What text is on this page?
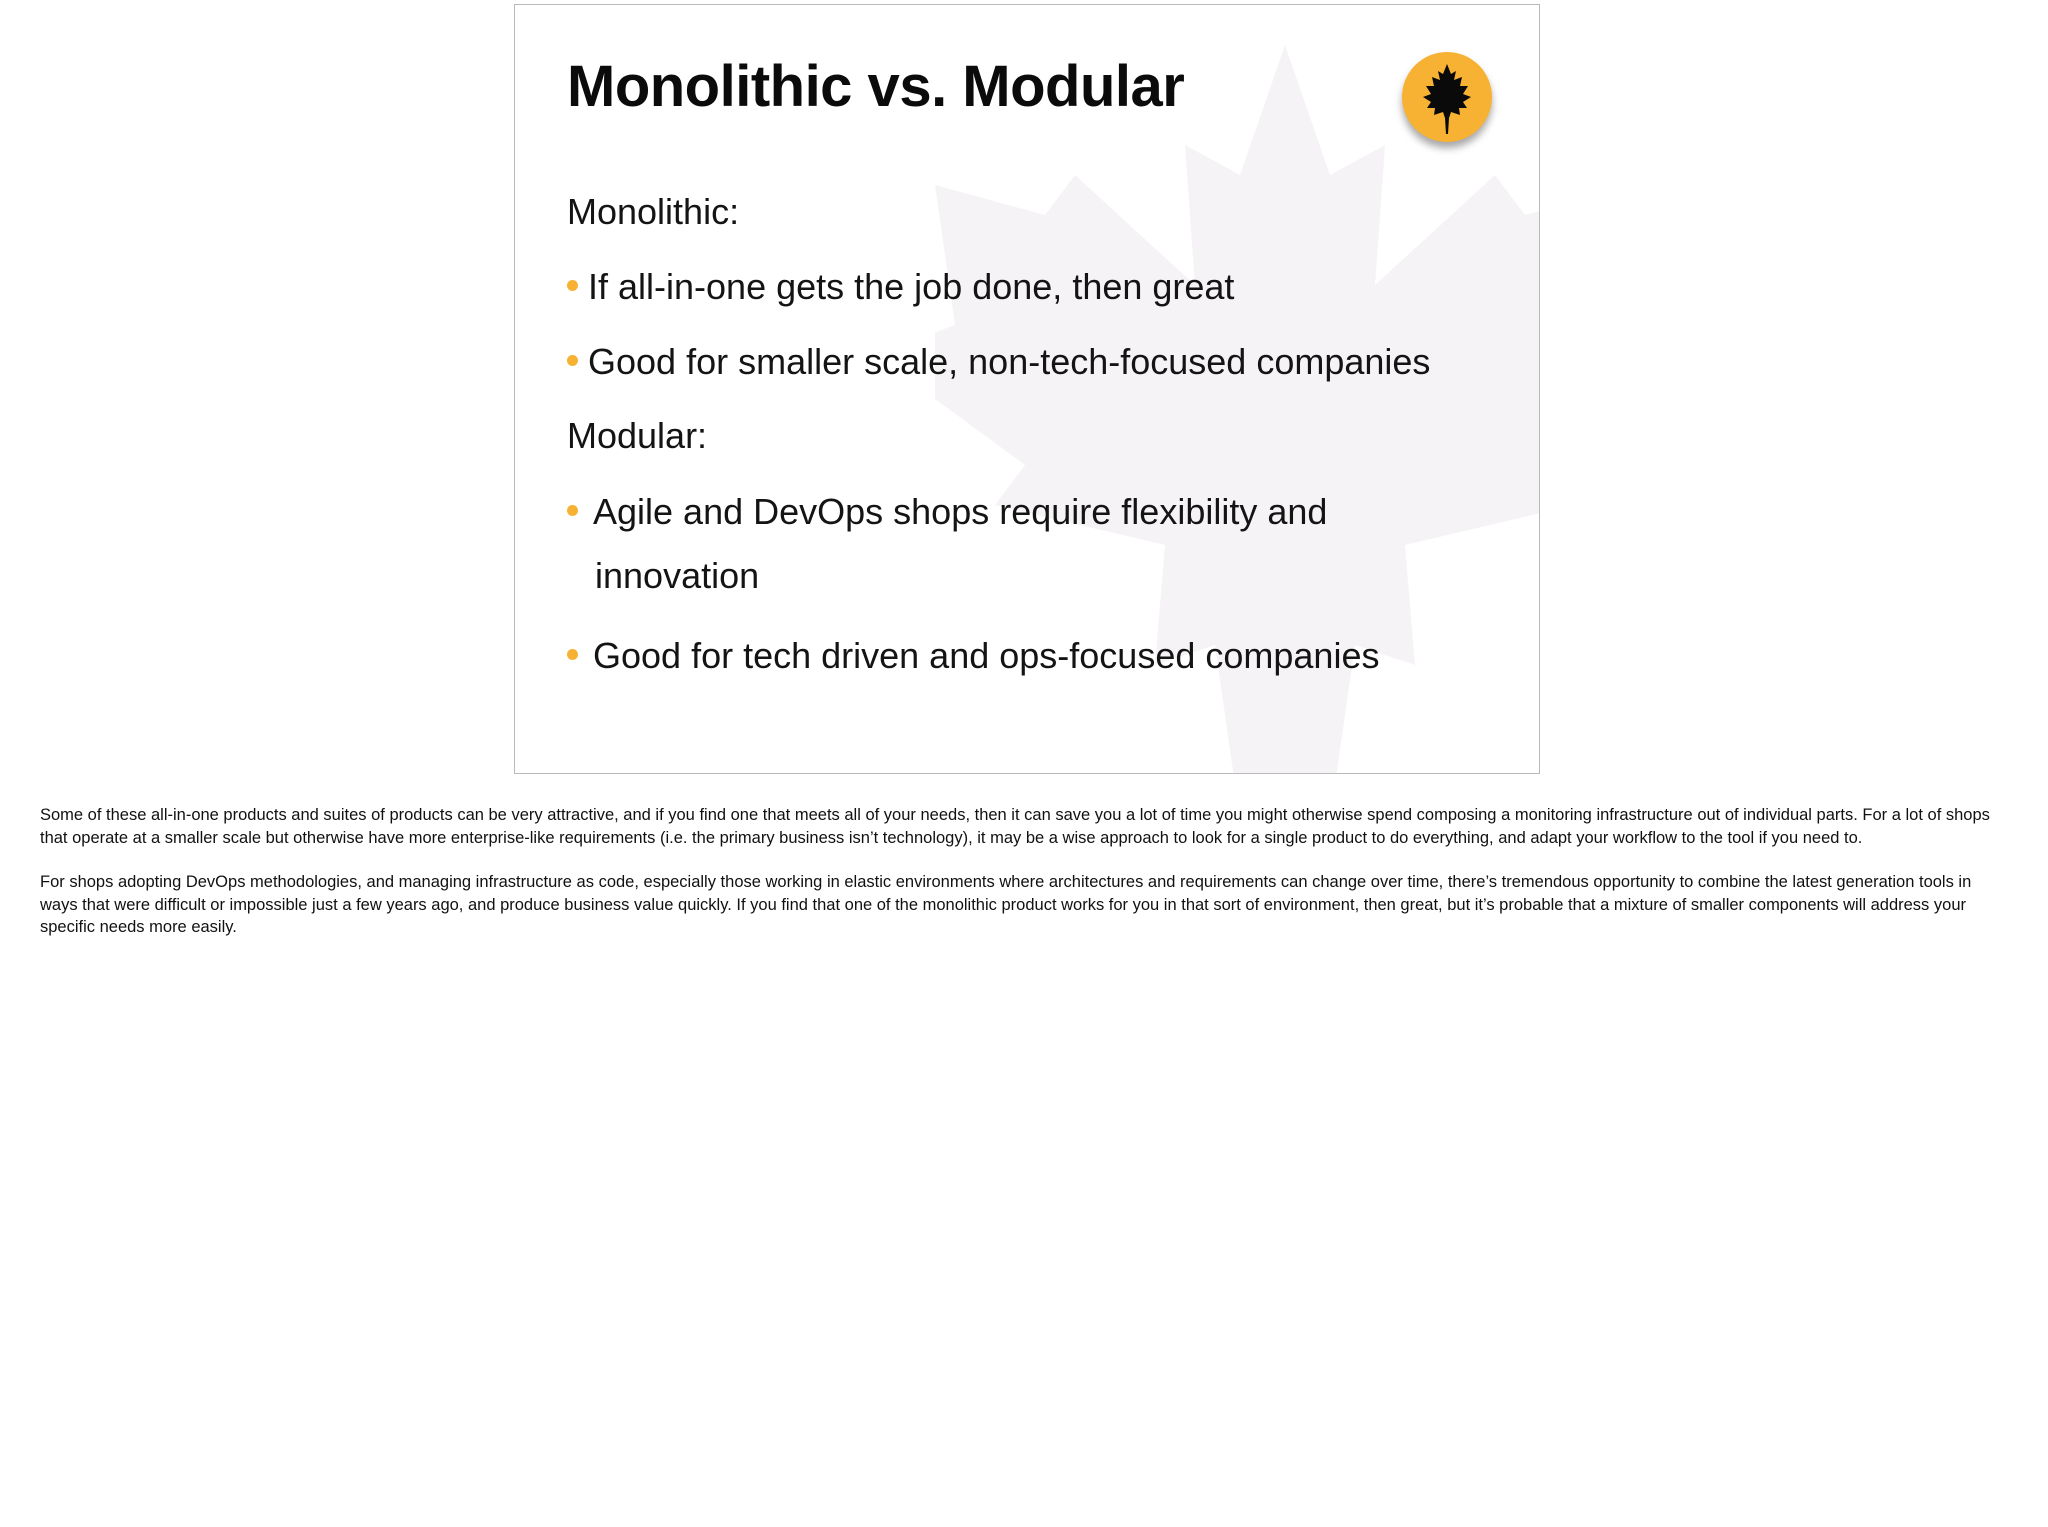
Monolithic vs. Modular
Monolithic:
If all-in-one gets the job done, then great
Good for smaller scale, non-tech-focused companies
Modular:
Agile and DevOps shops require flexibility and
innovation
Good for tech driven and ops-focused companies

Some of these all-in-one products and suites of products can be very attractive, and if you find one that meets all of your needs, then it can save you a lot of time you might otherwise spend composing a monitoring infrastructure out of individual parts. For a lot of shops that operate at a smaller scale but otherwise have more enterprise-like requirements (i.e. the primary business isn’t technology), it may be a wise approach to look for a single product to do everything, and adapt your workflow to the tool if you need to.

For shops adopting DevOps methodologies, and managing infrastructure as code, especially those working in elastic environments where architectures and requirements can change over time, there’s tremendous opportunity to combine the latest generation tools in ways that were difficult or impossible just a few years ago, and produce business value quickly. If you find that one of the monolithic product works for you in that sort of environment, then great, but it’s probable that a mixture of smaller components will address your specific needs more easily.
